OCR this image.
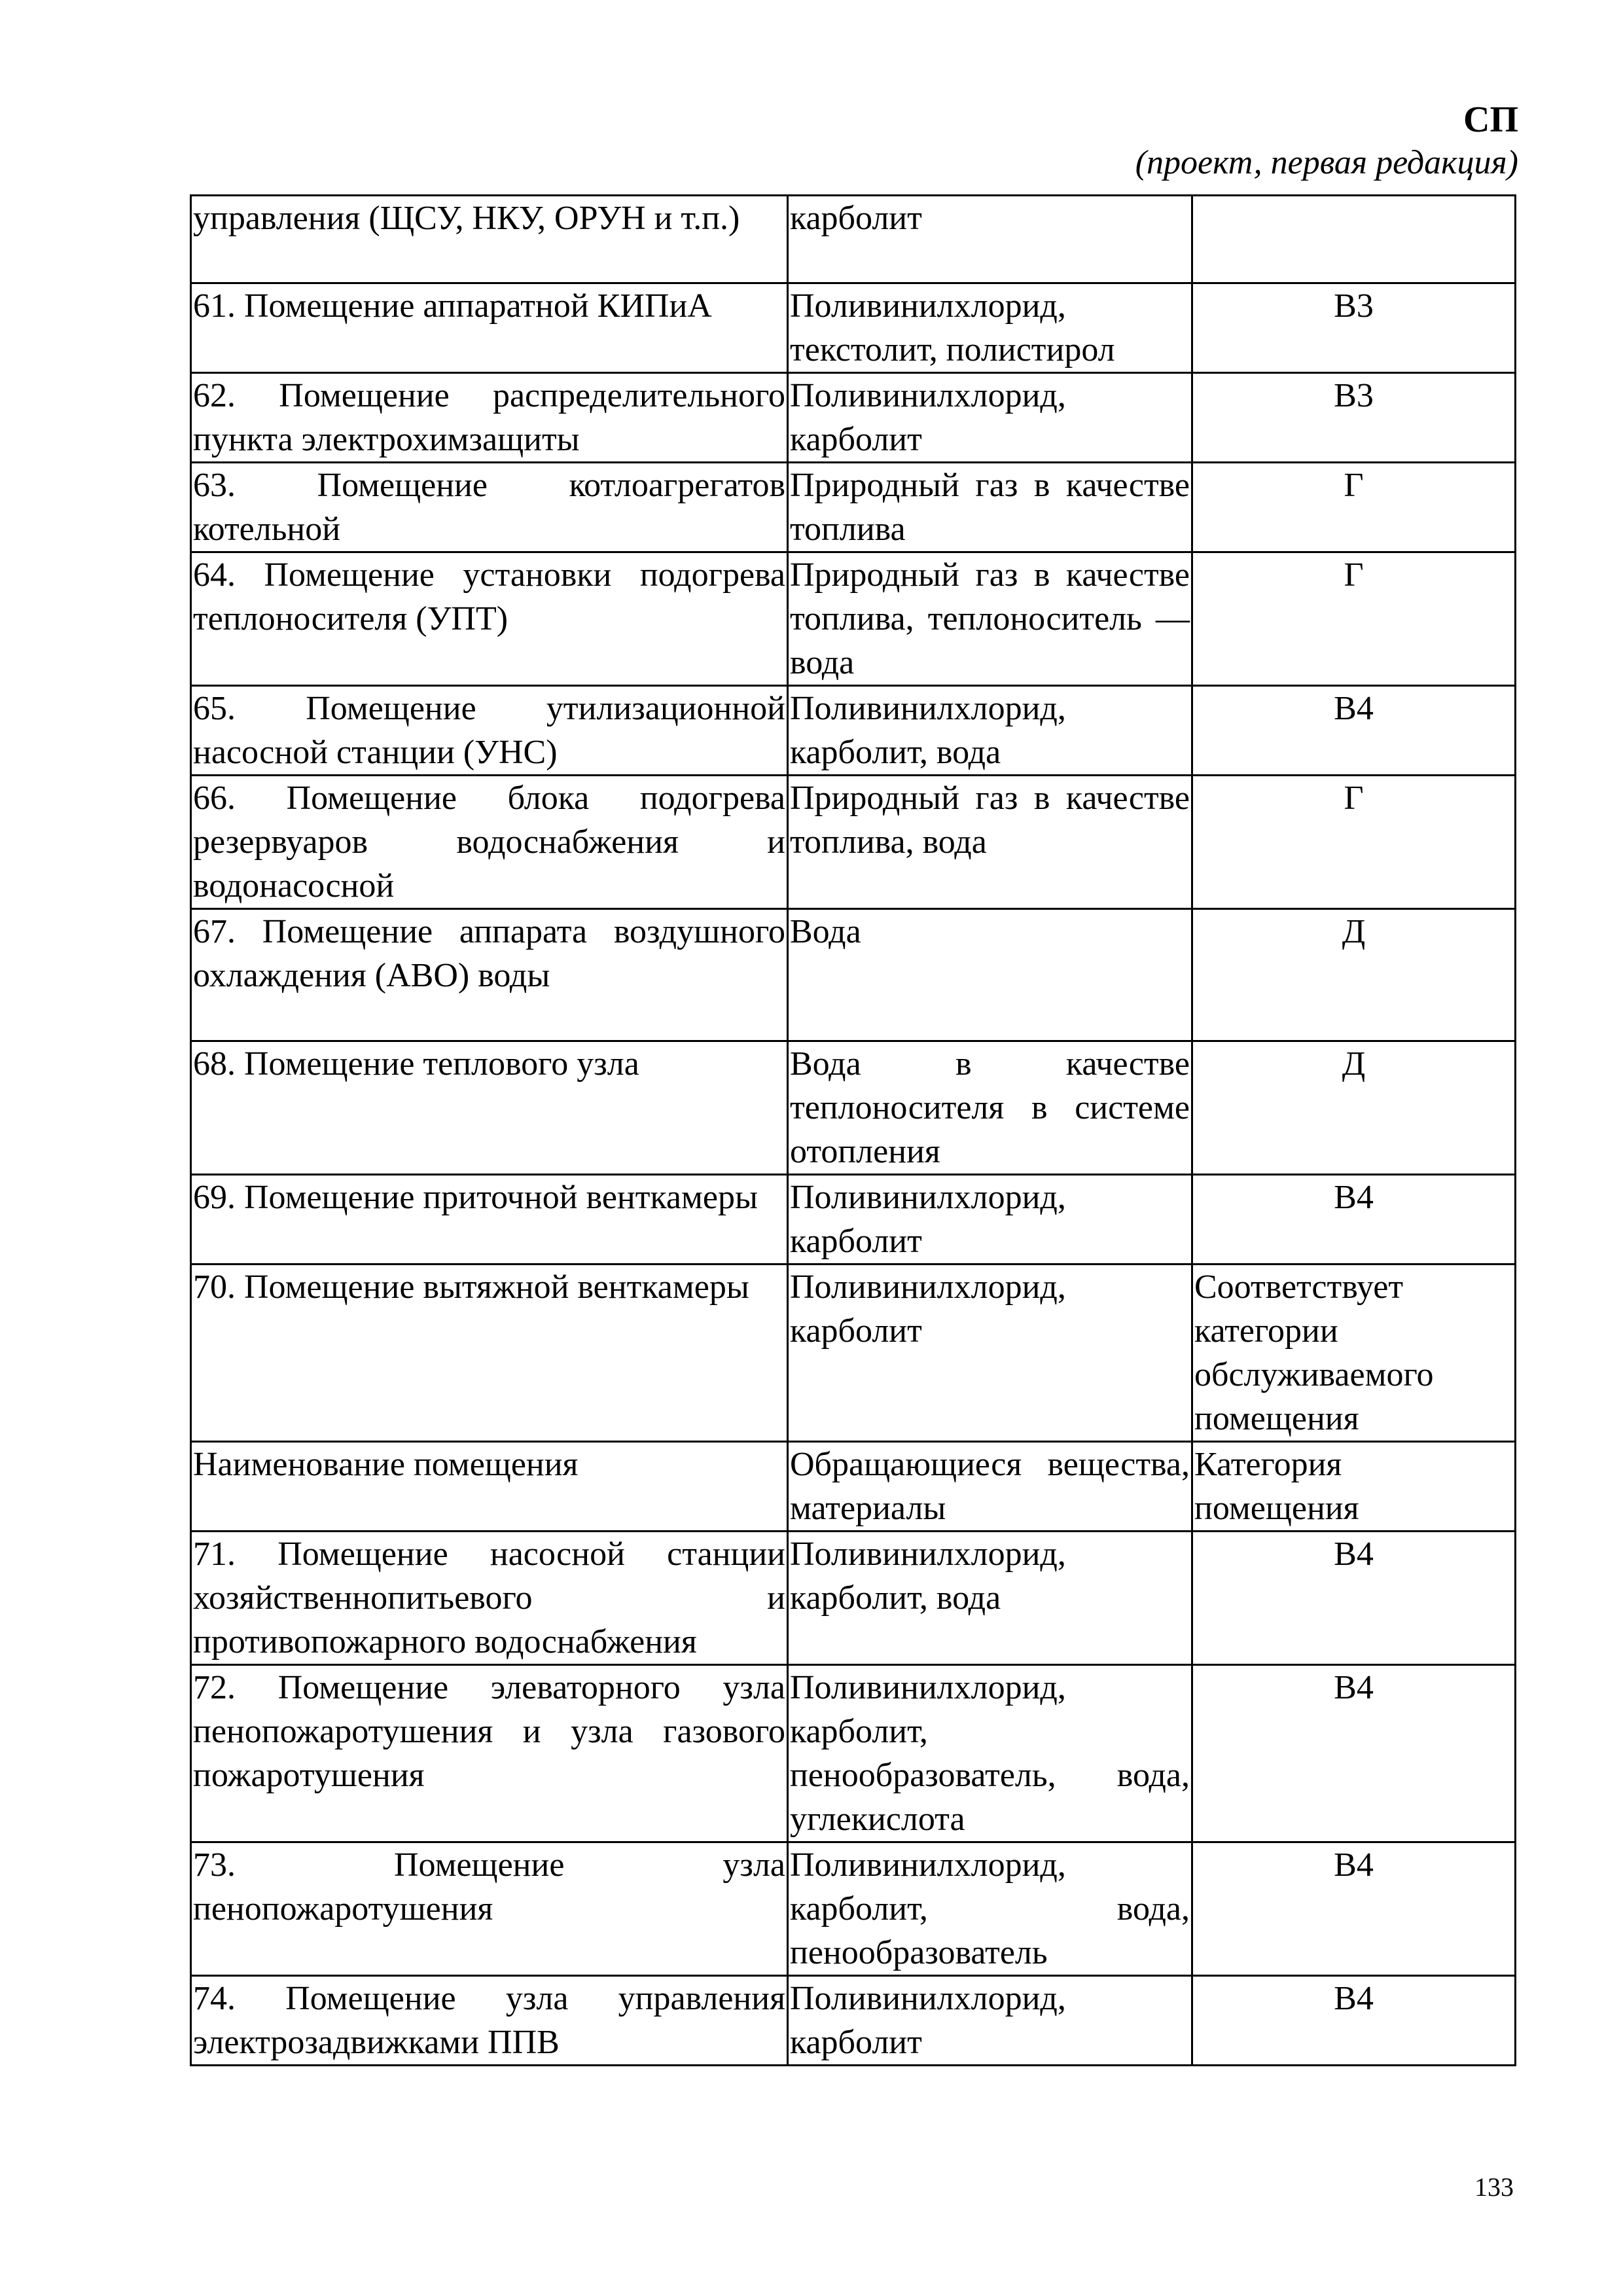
СП
(проект, первая редакция)
управления (ЩСУ, НКУ, ОРУН и т.п.)	карболит	
61. Помещение аппаратной КИПиА	Поливинилхлорид, текстолит, полистирол	В3
62. Помещение распределительного пункта электрохимзащиты	Поливинилхлорид, карболит	В3
63. Помещение котлоагрегатов котельной	Природный газ в качестве топлива	Г
64. Помещение установки подогрева теплоносителя (УПТ)	Природный газ в качестве топлива, теплоноситель — вода	Г
65. Помещение утилизационной насосной станции (УНС)	Поливинилхлорид, карболит, вода	В4
66. Помещение блока подогрева резервуаров водоснабжения и водонасосной	Природный газ в качестве топлива, вода	Г
67. Помещение аппарата воздушного охлаждения (АВО) воды	Вода	Д
68. Помещение теплового узла	Вода в качестве теплоносителя в системе отопления	Д
69. Помещение приточной венткамеры	Поливинилхлорид, карболит	В4
70. Помещение вытяжной венткамеры	Поливинилхлорид, карболит	Соответствует категории обслуживаемого помещения
Наименование помещения	Обращающиеся вещества, материалы	Категория помещения
71. Помещение насосной станции хозяйственнопитьевого и противопожарного водоснабжения	Поливинилхлорид, карболит, вода	В4
72. Помещение элеваторного узла пенопожаротушения и узла газового пожаротушения	Поливинилхлорид, карболит, пенообразователь, вода, углекислота	В4
73. Помещение узла пенопожаротушения	Поливинилхлорид, карболит, вода, пенообразователь	В4
74. Помещение узла управления электрозадвижками ППВ	Поливинилхлорид, карболит	В4
133
